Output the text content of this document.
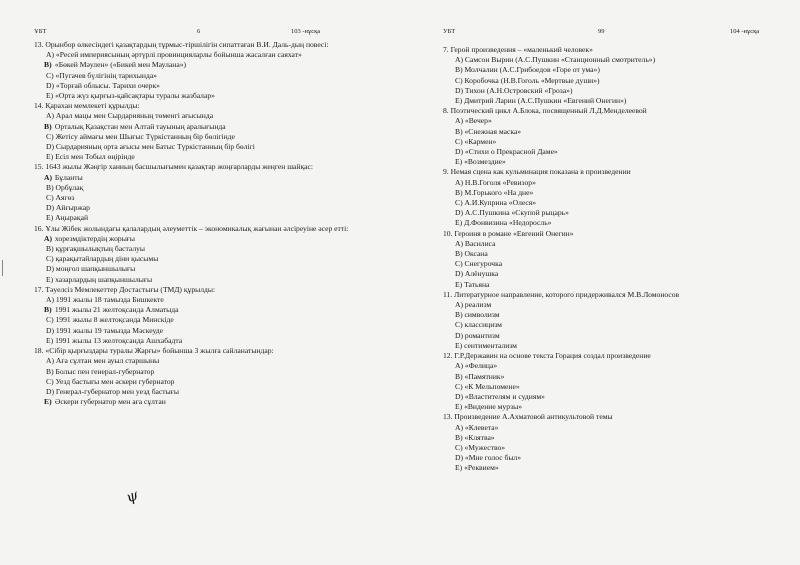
ҰБТ	6	103 -нұсқа

13. Орынбор өлкесіндегі қазақтардың тұрмыс-тіршілігін сипаттаған В.И. Даль-дың повесі:

А) «Ресей империясының әртүрлі провинцияларлы бойынша жасалған саяхат»

В) «Бөкей Мәулен» («Бикей мен Маулана»)

С) «Пугачев бүлігінің тарихында»

D) «Торғай облысы. Тарихи очерк»

Е) «Орта жүз қырғыз-қайсақтары туралы жазбалар»

14. Қарахан мемлекеті құрылды:

А) Арал мацы мен Сырдарияның төменгі ағысында

В) Орталық Қазақстан мен Алтай тауының аралығында

С) Жетісу аймағы мен Шығыс Түркістанның бір бөлігінде

D) Сырдарияның орта ағысы мен Батыс Түркістанның бір бөлігі

Е) Есіл мен Тобыл өңірінде

15. 1643 жылы Жәңгір ханның басшылығымен қазақтар жоңғарларды жеңген шайқас:

А) Бұланты

В) Орбұлақ

С) Аягөз

D) Айғыржар

Е) Аңырақай

16. Ұлы Жібек жолындағы қалалардың әлеуметтік – экономикалық жағынан әлсіреуіне әсер етті:

А) хорезмдіктердің жорығы

В) құрғақшылықтың басталуы

С) қарақытайлардың діни қысымы

D) моңғол шапқыншылығы

Е) хазарлардың шапқыншылығы

17. Тәуелсіз Мемлекеттер Достастығы (ТМД) құрылды:

А) 1991 жылы 18 тамызда Бишкекте

В) 1991 жылы 21 желтоқсанда Алматыда

С) 1991 жылы 8 желтоқсанда Минскіде

D) 1991 жылы 19 тамызда Мәскеуде

Е) 1991 жылы 13 желтоқсанда Ашхабадта

18. «Сібір қырғыздары туралы Жарғы» бойынша 3 жылға сайланатындар:

А) Аға сұлтан мен ауыл старшыны

В) Болыс пен генерал-губернатор

С) Уезд бастығы мен әскери губернатор

D) Генерал-губернатор мен уезд бастығы

Е) Әскери губернатор мен аға сұлтан

ψ
УБТ	99	104 -нұсқа

7. Герой произведения – «маленький человек»

А) Самсон Вырин (А.С.Пушкин «Станционный смотритель»)

В) Молчалин (А.С.Грибоедов «Горе от ума»)

С) Коробочка (Н.В.Гоголь «Мертвые души»)

D) Тихон (А.Н.Островский «Гроза»)

Е) Дмитрий Ларин (А.С.Пушкин «Евгений Онегин»)

8. Поэтический цикл А.Блока, посвященный Л.Д.Менделеевой

А) «Вечер»

В) «Снежная маска»

С) «Кармен»

D) «Стихи о Прекрасной Даме»

Е) «Возмездие»

9. Немая сцена как кульминация показана в произведении

А) Н.В.Гоголя «Ревизор»

В) М.Горького «На дне»

С) А.И.Куприна «Олеся»

D) А.С.Пушкина «Скупой рыцарь»

Е) Д.Фонвизина «Недоросль»

10. Героиня в романе «Евгений Онегин»

А) Василиса

В) Оксана

С) Снегурочка

D) Алёнушка

Е) Татьяна

11. Литературное направление, которого придерживался М.В.Ломоносов

А) реализм

В) символизм

С) классицизм

D) романтизм

Е) сентиментализм

12. Г.Р.Державин на основе текста Горация создал произведение

А) «Фелица»

В) «Памятник»

С) «К Мельпомене»

D) «Властителям и судиям»

Е) «Видение мурзы»

13. Произведение А.Ахматовой антикультовой темы

А) «Клевета»

В) «Клятва»

С) «Мужество»

D) «Мне голос был»

Е) «Реквием»
